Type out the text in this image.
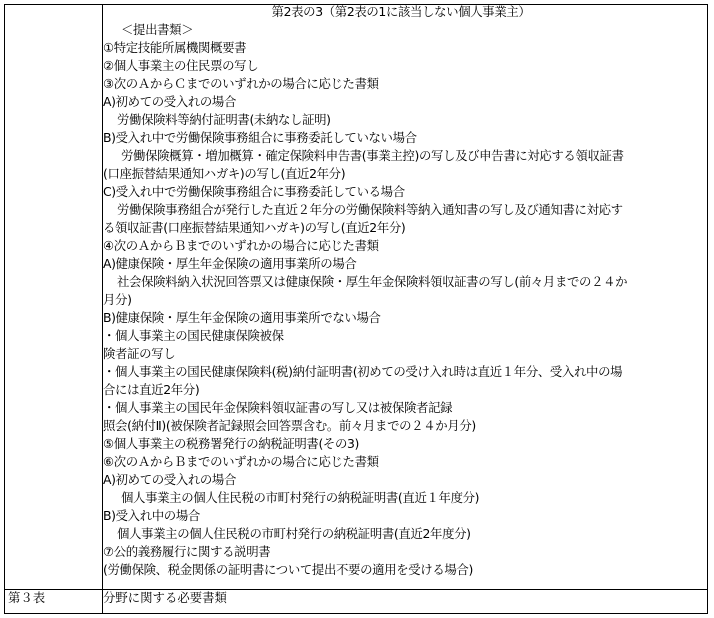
第2表の3（第2表の1に該当しない個人事業主）
＜提出書類＞
①特定技能所属機関概要書
②個人事業主の住民票の写し
③次のＡからＣまでのいずれかの場合に応じた書類
A)初めての受入れの場合
労働保険料等納付証明書(未納なし証明)
B)受入れ中で労働保険事務組合に事務委託していない場合
労働保険概算・増加概算・確定保険料申告書(事業主控)の写し及び申告書に対応する領収証書
(口座振替結果通知ハガキ)の写し(直近2年分)
C)受入れ中で労働保険事務組合に事務委託している場合
労働保険事務組合が発行した直近２年分の労働保険料等納入通知書の写し及び通知書に対応す
る領収証書(口座振替結果通知ハガキ)の写し(直近2年分)
④次のＡからＢまでのいずれかの場合に応じた書類
A)健康保険・厚生年金保険の適用事業所の場合
社会保険料納入状況回答票又は健康保険・厚生年金保険料領収証書の写し(前々月までの２４か
月分)
B)健康保険・厚生年金保険の適用事業所でない場合
・個人事業主の国民健康保険被保
険者証の写し
・個人事業主の国民健康保険料(税)納付証明書(初めての受け入れ時は直近１年分、受入れ中の場
合には直近2年分)
・個人事業主の国民年金保険料領収証書の写し又は被保険者記録
照会(納付Ⅱ)(被保険者記録照会回答票含む。前々月までの２４か月分)
⑤個人事業主の税務署発行の納税証明書(その3)
⑥次のＡからＢまでのいずれかの場合に応じた書類
A)初めての受入れの場合
個人事業主の個人住民税の市町村発行の納税証明書(直近１年度分)
B)受入れ中の場合
個人事業主の個人住民税の市町村発行の納税証明書(直近2年度分)
⑦公的義務履行に関する説明書
(労働保険、税金関係の証明書について提出不要の適用を受ける場合)
第３表	分野に関する必要書類
